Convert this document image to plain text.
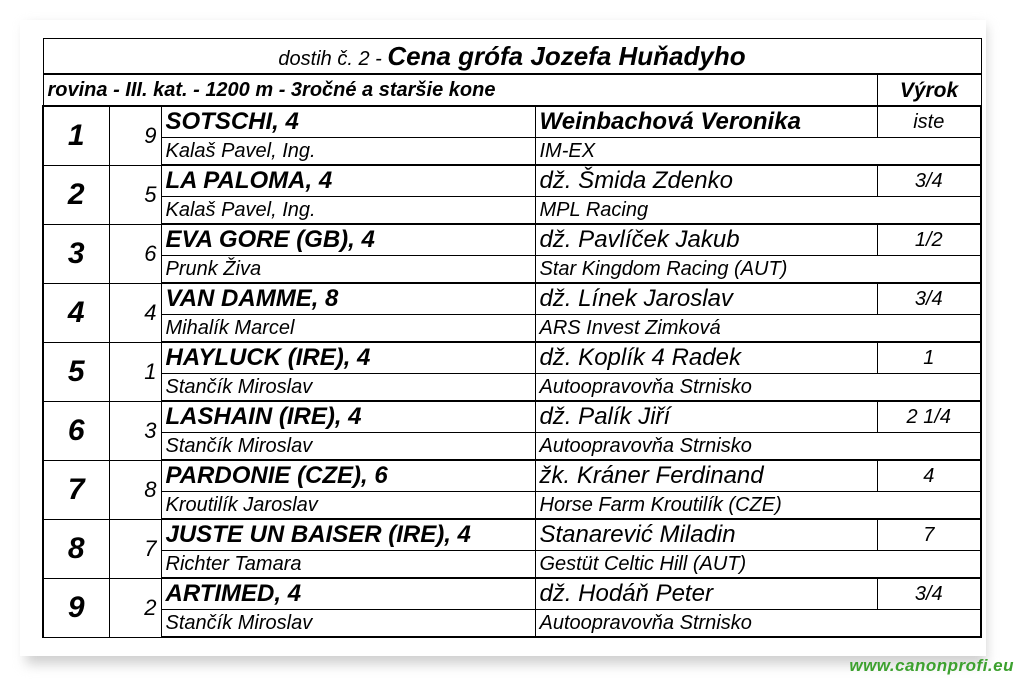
dostih č. 2 - Cena grófa Jozefa Huňadyho				
rovina - III. kat. - 1200 m - 3ročné a staršie kone				Výrok
1	9	SOTSCHI, 4	Weinbachová Veronika	iste
		Kalaš Pavel, Ing.	IM-EX	
2	5	LA PALOMA, 4	dž. Šmida Zdenko	3/4
		Kalaš Pavel, Ing.	MPL Racing	
3	6	EVA GORE (GB), 4	dž. Pavlíček Jakub	1/2
		Prunk Živa	Star Kingdom Racing (AUT)	
4	4	VAN DAMME, 8	dž. Línek Jaroslav	3/4
		Mihalík Marcel	ARS Invest Zimková	
5	1	HAYLUCK (IRE), 4	dž. Koplík 4 Radek	1
		Stančík Miroslav	Autoopravovňa Strnisko	
6	3	LASHAIN (IRE), 4	dž. Palík Jiří	2 1/4
		Stančík Miroslav	Autoopravovňa Strnisko	
7	8	PARDONIE (CZE), 6	žk. Kráner Ferdinand	4
		Kroutilík Jaroslav	Horse Farm Kroutilík (CZE)	
8	7	JUSTE UN BAISER (IRE), 4	Stanarević Miladin	7
		Richter Tamara	Gestüt Celtic Hill (AUT)	
9	2	ARTIMED, 4	dž. Hodáň Peter	3/4
		Stančík Miroslav	Autoopravovňa Strnisko	
www.canonprofi.eu
